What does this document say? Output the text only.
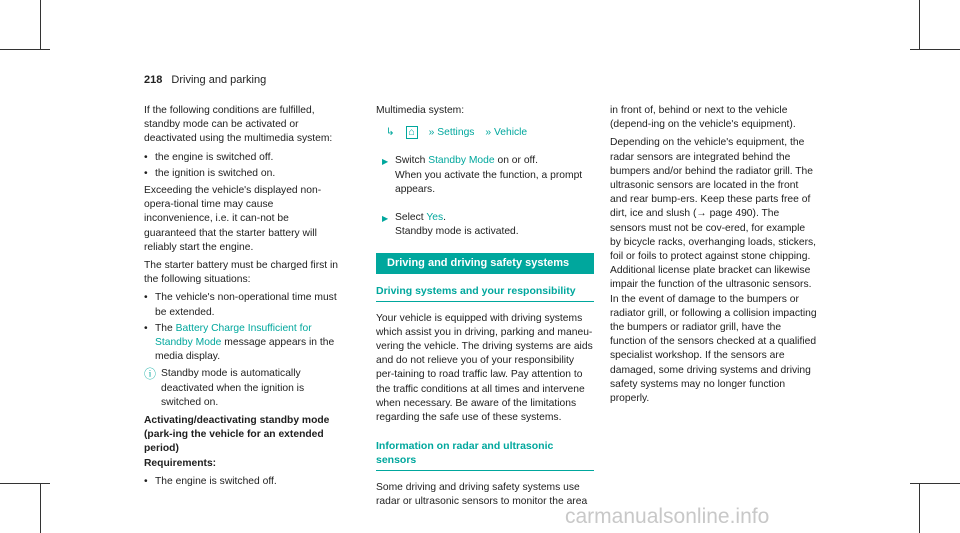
218 Driving and parking

If the following conditions are fulfilled, standby mode can be activated or deactivated using the multimedia system:

• the engine is switched off.
• the ignition is switched on.

Exceeding the vehicle's displayed non-opera-tional time may cause inconvenience, i.e. it can-not be guaranteed that the starter battery will reliably start the engine.

The starter battery must be charged first in the following situations:

• The vehicle's non-operational time must be extended.
• The Battery Charge Insufficient for Standby Mode message appears in the media display.
ⓘ Standby mode is automatically deactivated when the ignition is switched on.

Activating/deactivating standby mode (park-ing the vehicle for an extended period)

Requirements:

• The engine is switched off.

Multimedia system:

↳ ⌂ » Settings » Vehicle
▶ Switch Standby Mode on or off.
When you activate the function, a prompt appears.
▶ Select Yes.
Standby mode is activated.
Driving and driving safety systems
Driving systems and your responsibility

Your vehicle is equipped with driving systems which assist you in driving, parking and maneu-vering the vehicle. The driving systems are aids and do not relieve you of your responsibility per-taining to road traffic law. Pay attention to the traffic conditions at all times and intervene when necessary. Be aware of the limitations regarding the safe use of these systems.

Information on radar and ultrasonic sensors

Some driving and driving safety systems use radar or ultrasonic sensors to monitor the area

in front of, behind or next to the vehicle (depend-ing on the vehicle's equipment).

Depending on the vehicle's equipment, the radar sensors are integrated behind the bumpers and/or behind the radiator grill. The ultrasonic sensors are located in the front and rear bump-ers. Keep these parts free of dirt, ice and slush (→ page 490). The sensors must not be cov-ered, for example by bicycle racks, overhanging loads, stickers, foil or foils to protect against stone chipping. Additional license plate bracket can likewise impair the function of the ultrasonic sensors. In the event of damage to the bumpers or radiator grill, or following a collision impacting the bumpers or radiator grill, have the function of the sensors checked at a qualified specialist workshop. If the sensors are damaged, some driving systems and driving safety systems may no longer function properly.

carmanualsonline.info
